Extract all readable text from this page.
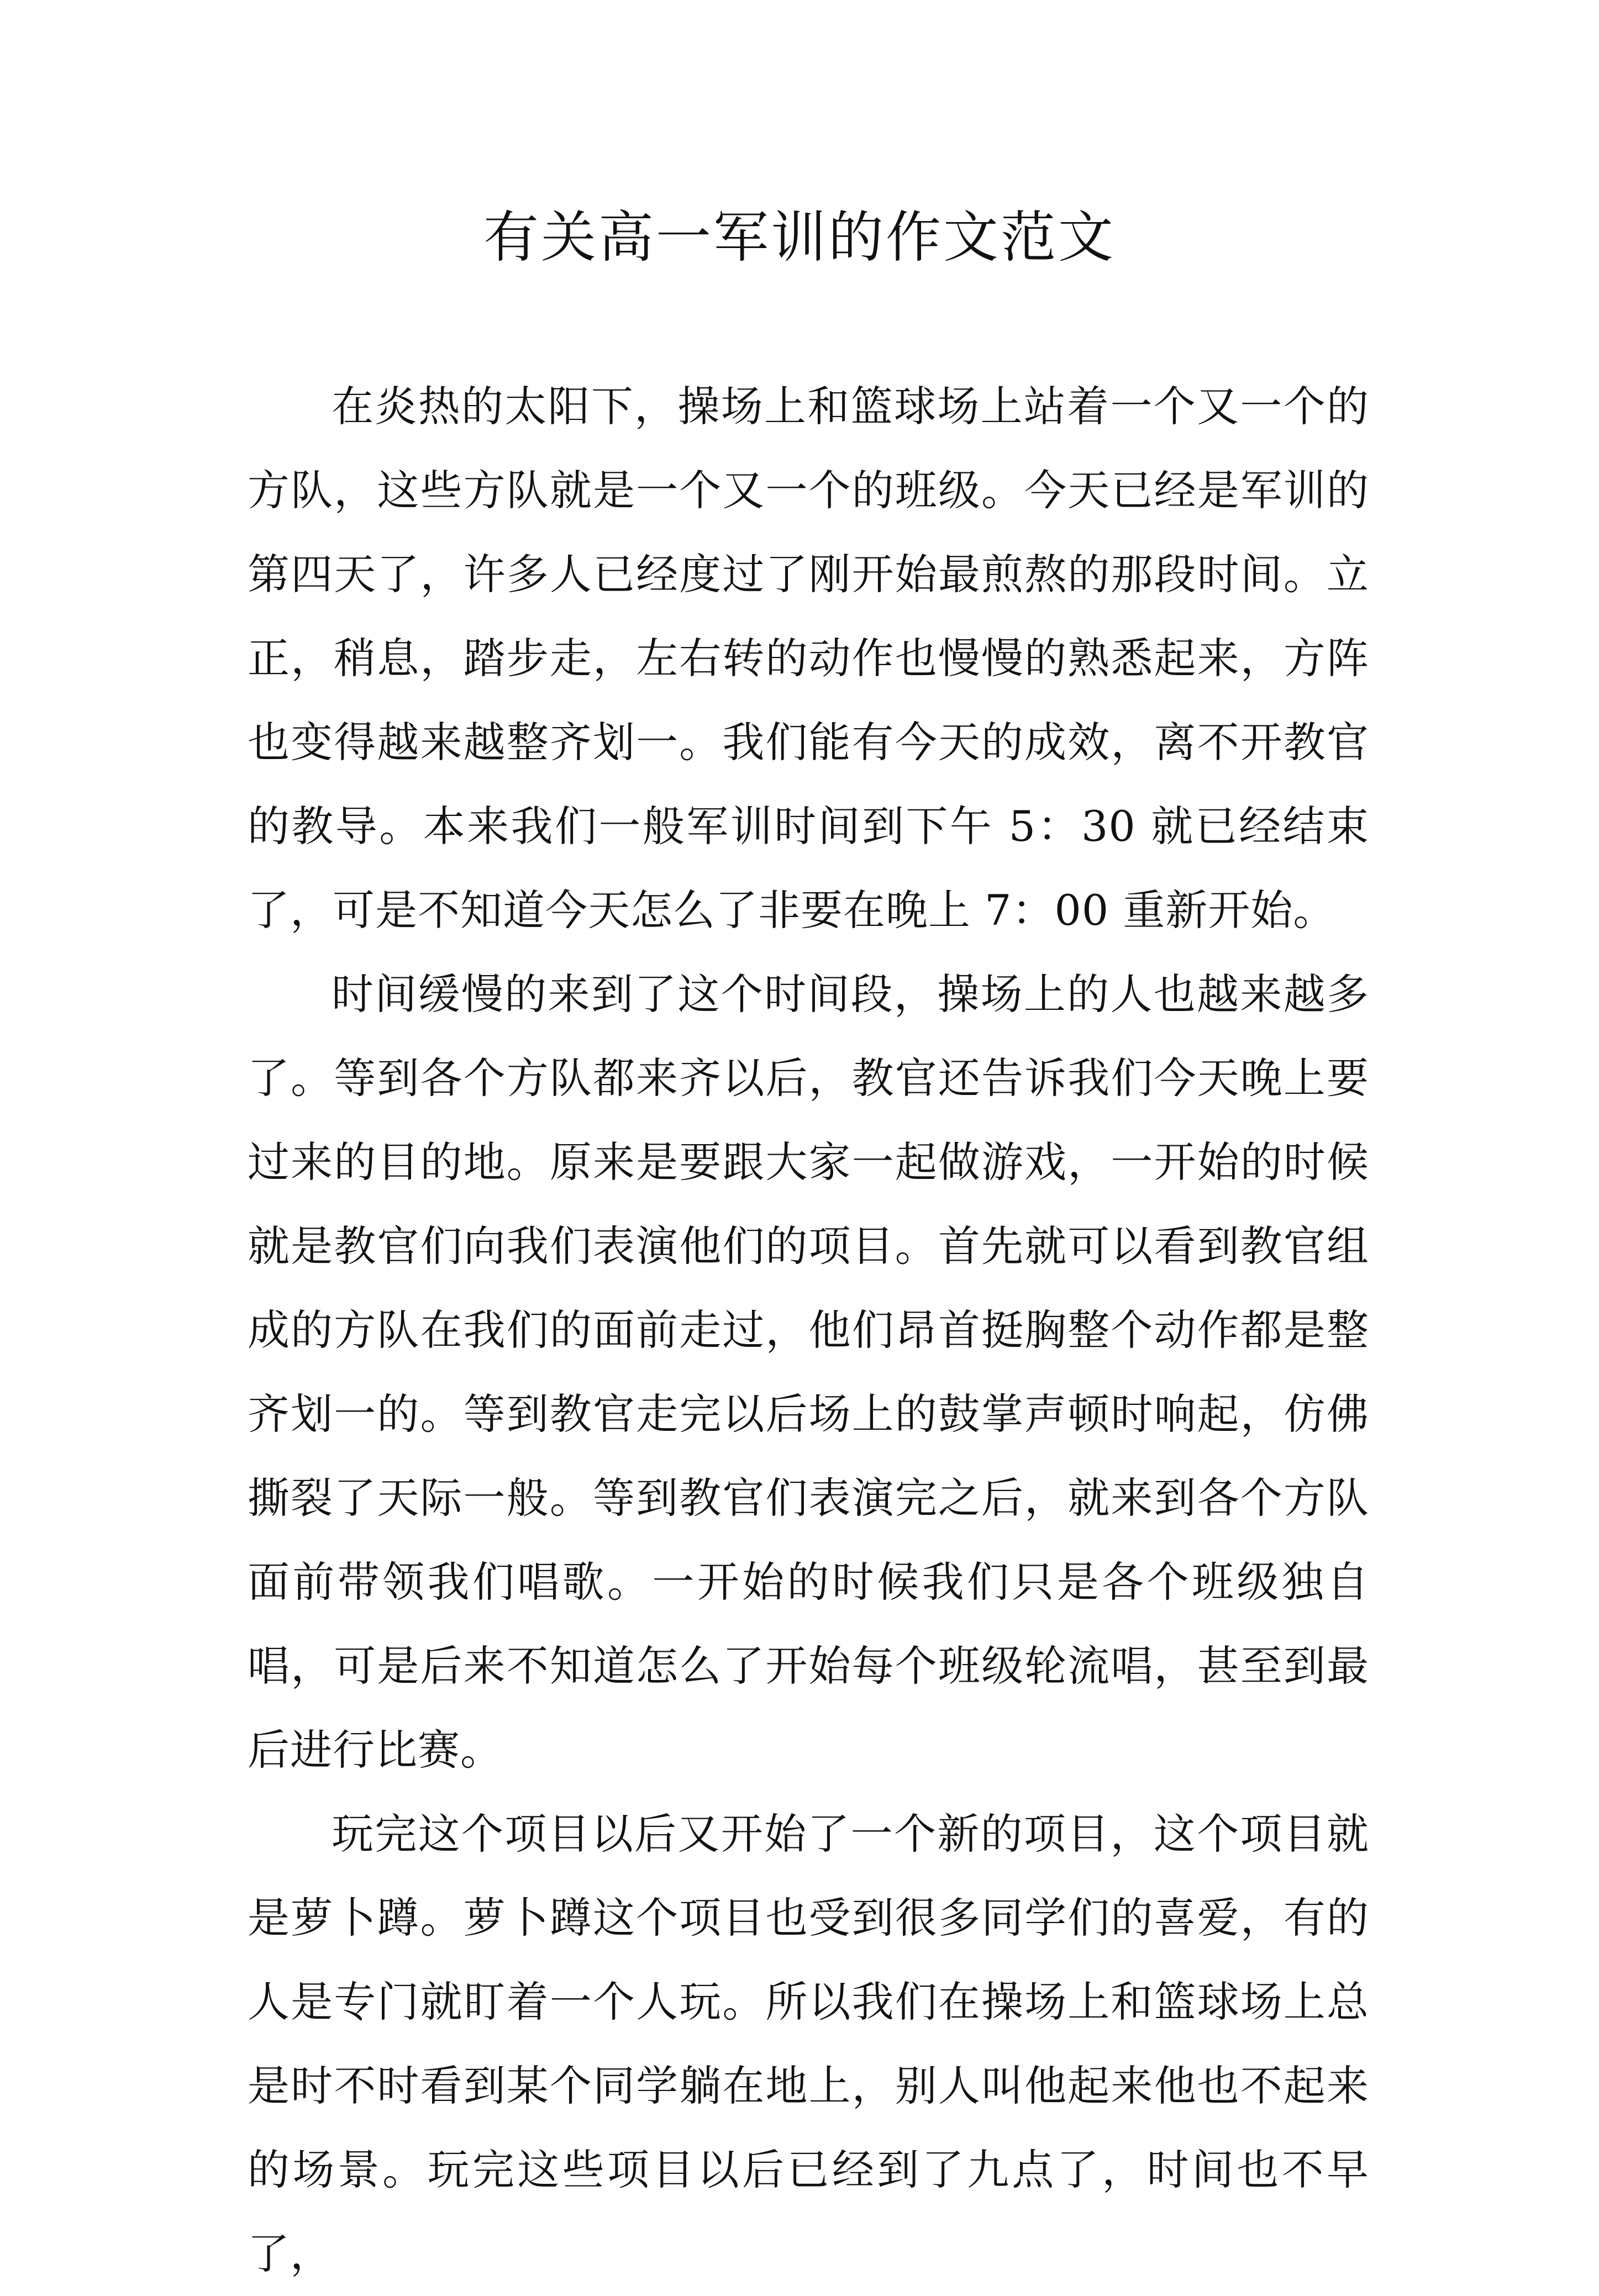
有关高一军训的作文范文

在炎热的太阳下，操场上和篮球场上站着一个又一个的方队，这些方队就是一个又一个的班级。今天已经是军训的第四天了，许多人已经度过了刚开始最煎熬的那段时间。立正，稍息，踏步走，左右转的动作也慢慢的熟悉起来，方阵也变得越来越整齐划一。我们能有今天的成效，离不开教官的教导。本来我们一般军训时间到下午 5：30 就已经结束了，可是不知道今天怎么了非要在晚上 7：00 重新开始。

时间缓慢的来到了这个时间段，操场上的人也越来越多了。等到各个方队都来齐以后，教官还告诉我们今天晚上要过来的目的地。原来是要跟大家一起做游戏，一开始的时候就是教官们向我们表演他们的项目。首先就可以看到教官组成的方队在我们的面前走过，他们昂首挺胸整个动作都是整齐划一的。等到教官走完以后场上的鼓掌声顿时响起，仿佛撕裂了天际一般。等到教官们表演完之后，就来到各个方队面前带领我们唱歌。一开始的时候我们只是各个班级独自唱，可是后来不知道怎么了开始每个班级轮流唱，甚至到最后进行比赛。

玩完这个项目以后又开始了一个新的项目，这个项目就是萝卜蹲。萝卜蹲这个项目也受到很多同学们的喜爱，有的人是专门就盯着一个人玩。所以我们在操场上和篮球场上总是时不时看到某个同学躺在地上，别人叫他起来他也不起来的场景。玩完这些项目以后已经到了九点了，时间也不早了，
